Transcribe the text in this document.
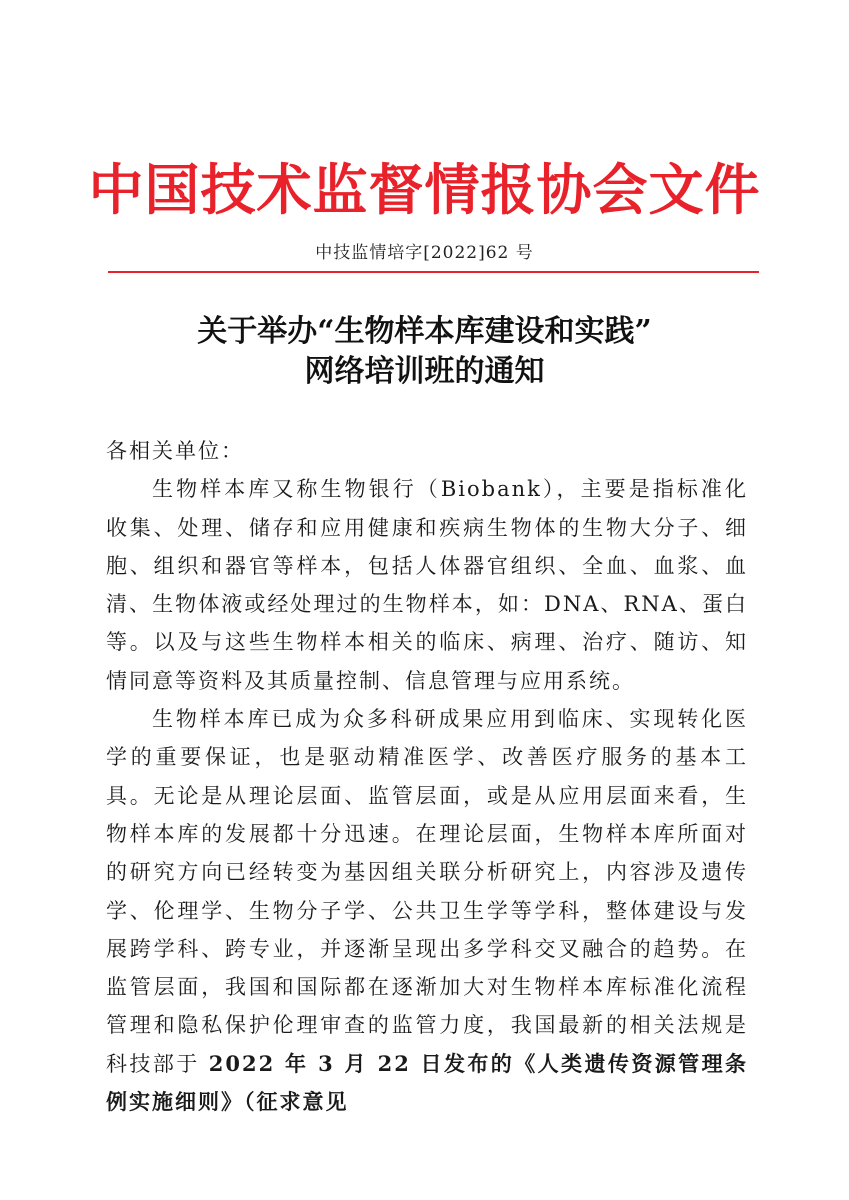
中国技术监督情报协会文件
中技监情培字[2022]62 号
关于举办“生物样本库建设和实践”
网络培训班的通知

各相关单位：

生物样本库又称生物银行（Biobank），主要是指标准化收集、处理、储存和应用健康和疾病生物体的生物大分子、细胞、组织和器官等样本，包括人体器官组织、全血、血浆、血清、生物体液或经处理过的生物样本，如：DNA、RNA、蛋白等。以及与这些生物样本相关的临床、病理、治疗、随访、知情同意等资料及其质量控制、信息管理与应用系统。

生物样本库已成为众多科研成果应用到临床、实现转化医学的重要保证，也是驱动精准医学、改善医疗服务的基本工具。无论是从理论层面、监管层面，或是从应用层面来看，生物样本库的发展都十分迅速。在理论层面，生物样本库所面对的研究方向已经转变为基因组关联分析研究上，内容涉及遗传学、伦理学、生物分子学、公共卫生学等学科，整体建设与发展跨学科、跨专业，并逐渐呈现出多学科交叉融合的趋势。在监管层面，我国和国际都在逐渐加大对生物样本库标准化流程管理和隐私保护伦理审查的监管力度，我国最新的相关法规是科技部于 2022 年 3 月 22 日发布的《人类遗传资源管理条例实施细则》（征求意见
